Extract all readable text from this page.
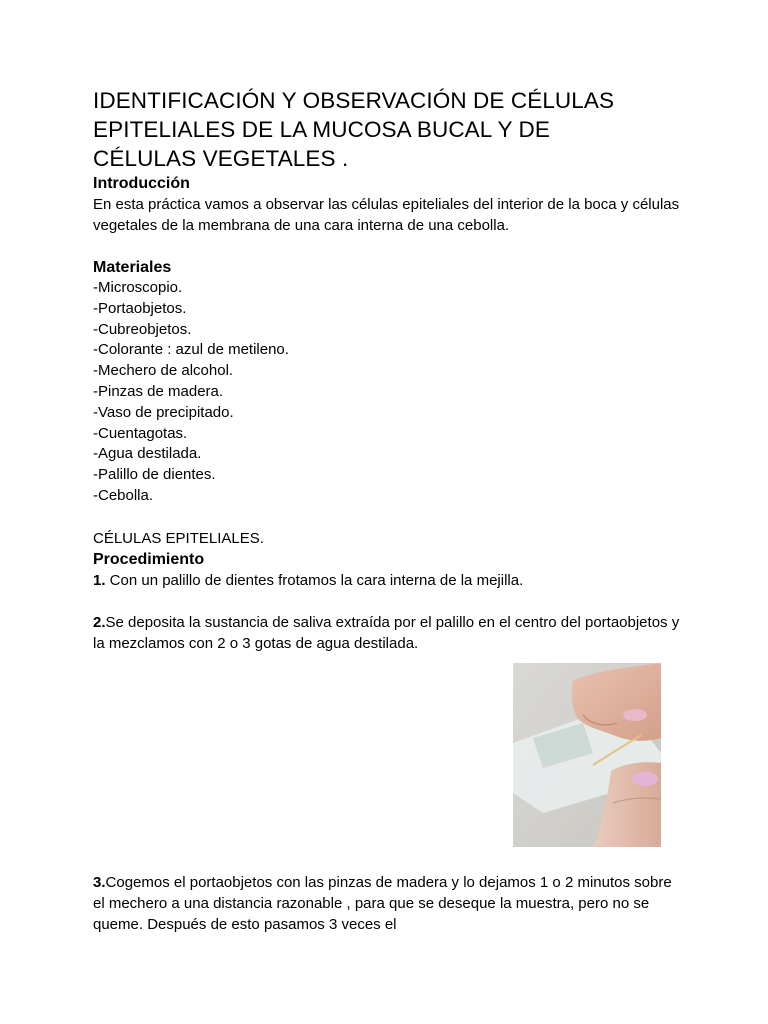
IDENTIFICACIÓN Y OBSERVACIÓN DE CÉLULAS
EPITELIALES DE LA MUCOSA BUCAL Y DE
CÉLULAS VEGETALES .

Introducción

En esta práctica vamos a observar las células epiteliales del interior de la boca y células vegetales de la membrana de una cara interna de una cebolla.

Materiales

-Microscopio.
-Portaobjetos.
-Cubreobjetos.
-Colorante : azul de metileno.
-Mechero de alcohol.
-Pinzas de madera.
-Vaso de precipitado.
-Cuentagotas.
-Agua destilada.
-Palillo de dientes.
-Cebolla.

CÉLULAS EPITELIALES.

Procedimiento

1. Con un palillo de dientes frotamos la cara interna de la mejilla.

2.Se deposita la sustancia de saliva extraída por el palillo en el centro del portaobjetos y la mezclamos con 2 o 3 gotas de agua destilada.

3.Cogemos el portaobjetos con las pinzas de madera y lo dejamos 1 o 2 minutos sobre el mechero a una distancia razonable , para que se deseque la muestra, pero no se queme. Después de esto pasamos 3 veces el
